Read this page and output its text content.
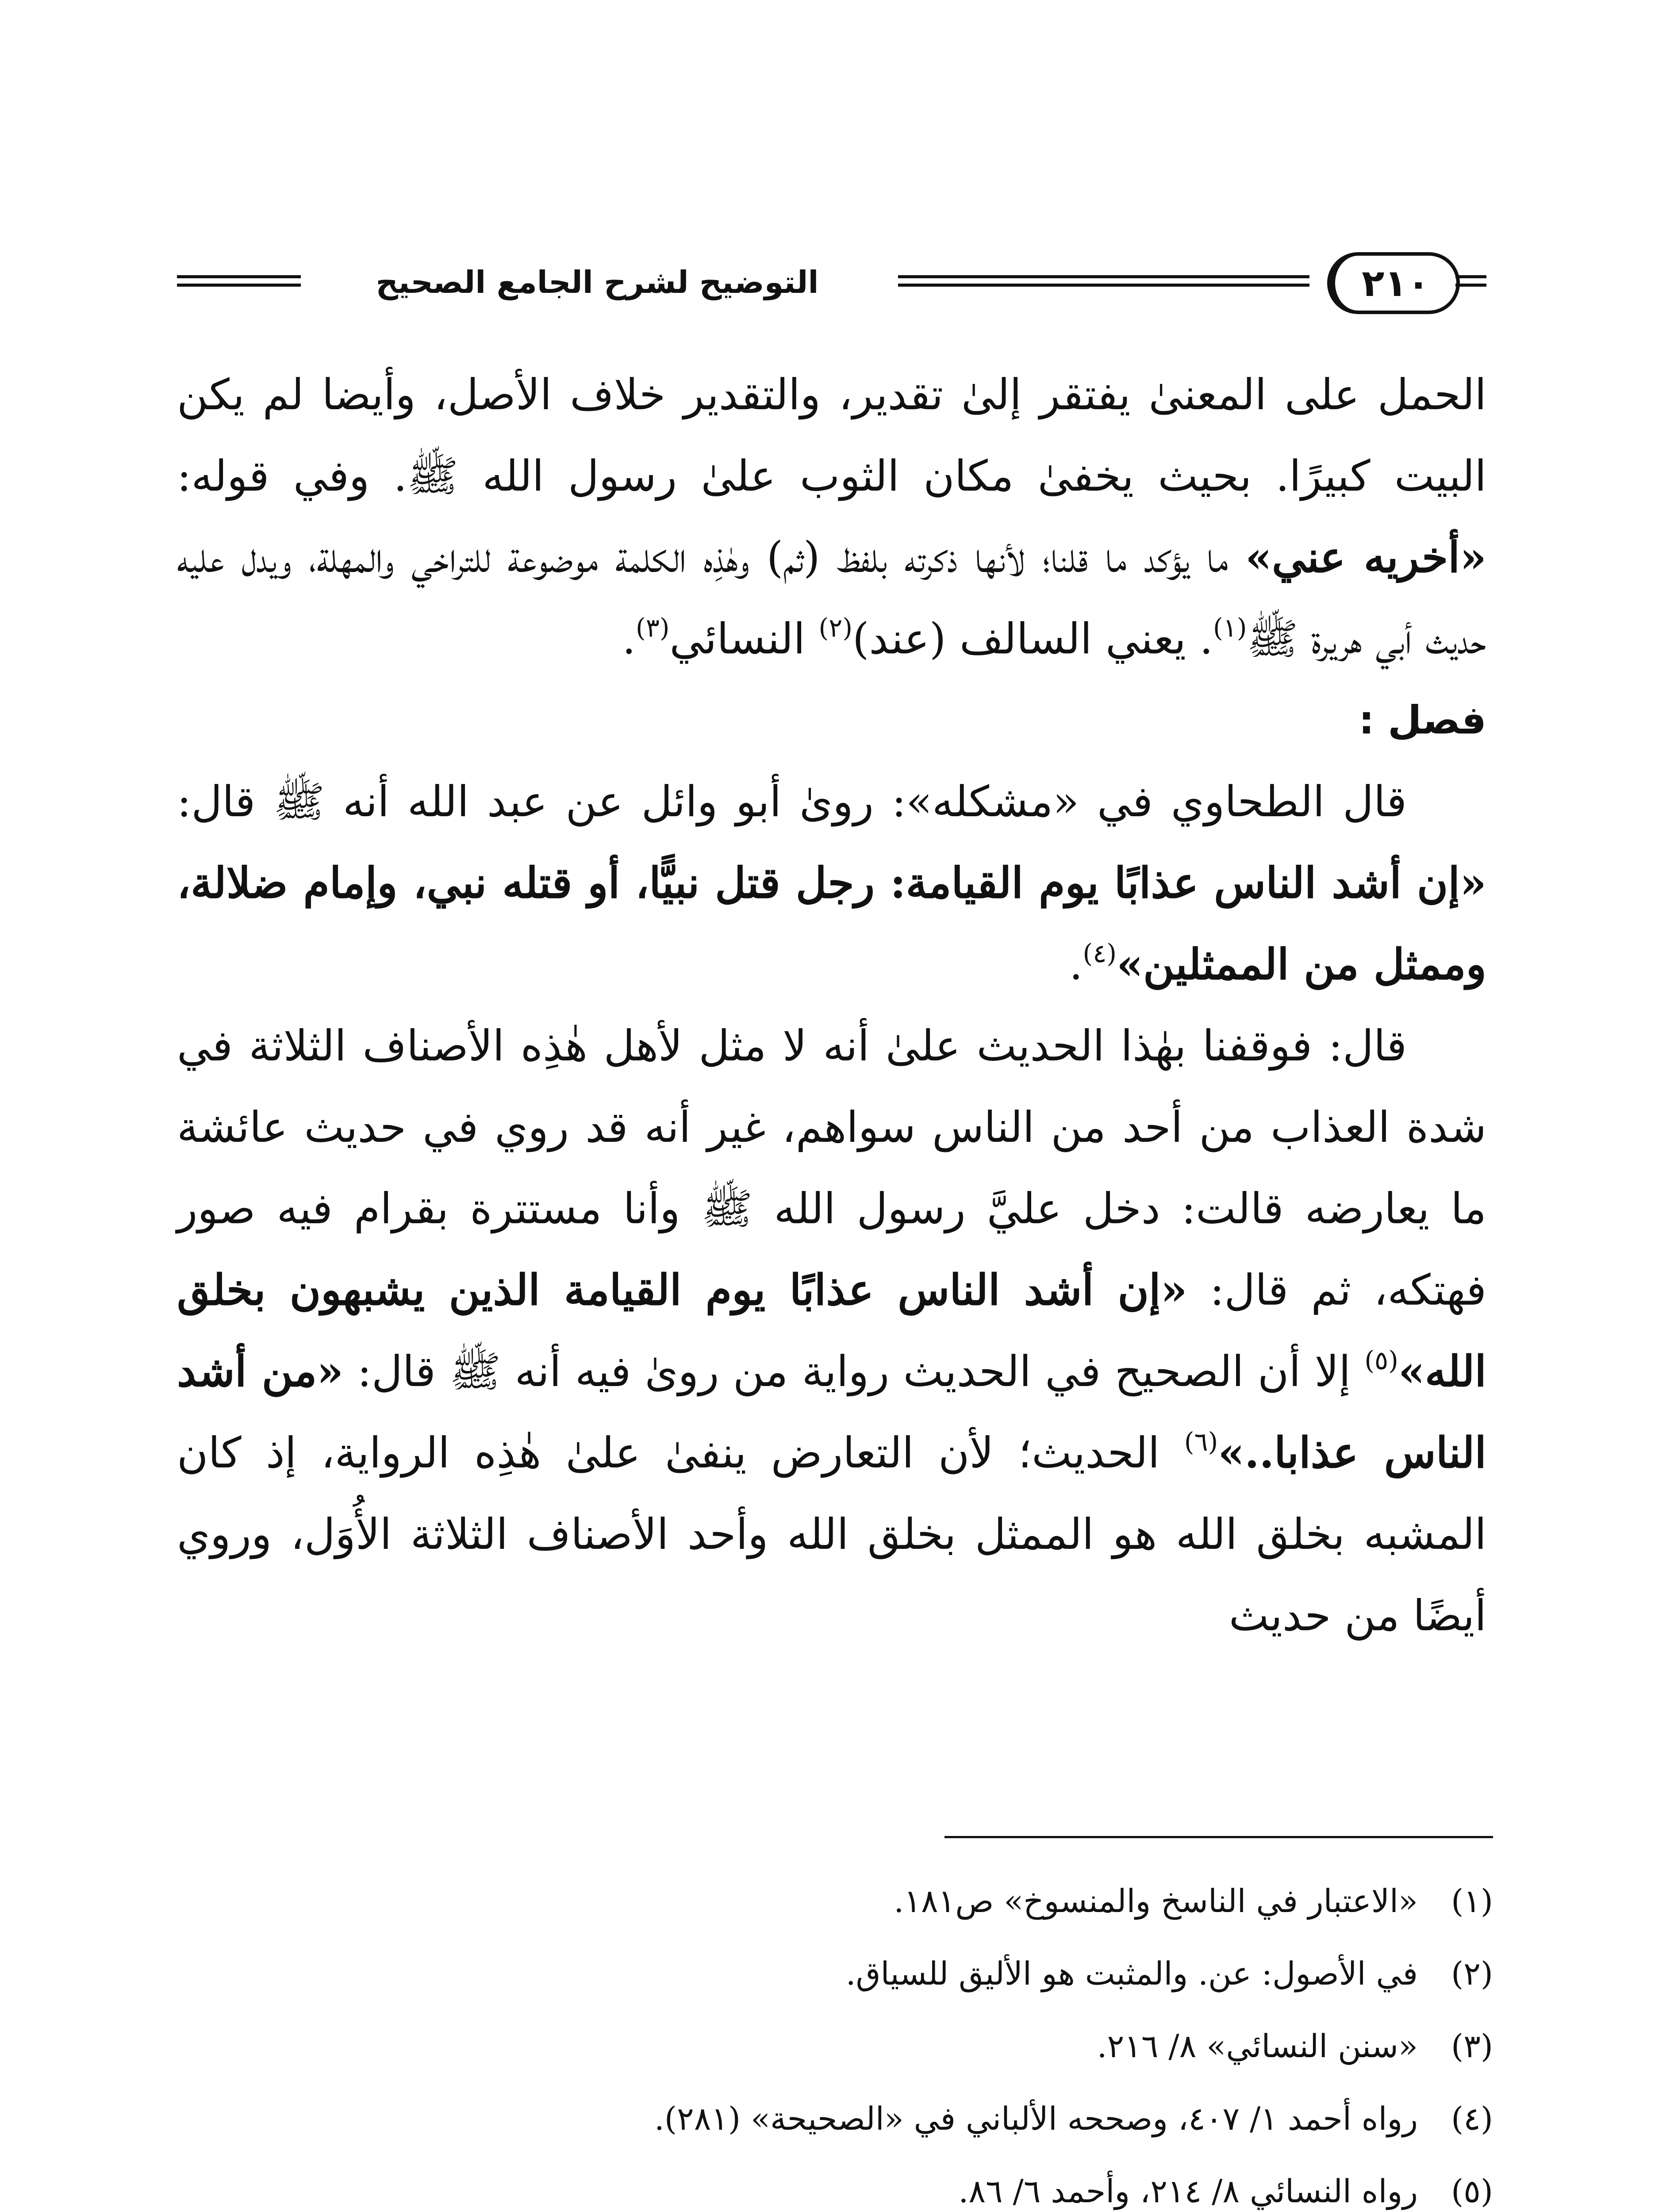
٢١٠
التوضيح لشرح الجامع الصحيح

الحمل على المعنىٰ يفتقر إلىٰ تقدير، والتقدير خلاف الأصل، وأيضا لم يكن البيت كبيرًا. بحيث يخفىٰ مكان الثوب علىٰ رسول الله ﷺ. وفي قوله: «أخريه عني» ما يؤكد ما قلنا؛ لأنها ذكرته بلفظ (ثم) وهٰذِه الكلمة موضوعة للتراخي والمهلة، ويدل عليه حديث أبي هريرة ﷺ$^{(١)}$. يعني السالف (عند)$^{(٢)}$ النسائي$^{(٣)}$.

فصل :

قال الطحاوي في «مشكله»: روىٰ أبو وائل عن عبد الله أنه ﷺ قال: «إن أشد الناس عذابًا يوم القيامة: رجل قتل نبيًّا، أو قتله نبي، وإمام ضلالة، وممثل من الممثلين»$^{(٤)}$.

قال: فوقفنا بهٰذا الحديث علىٰ أنه لا مثل لأهل هٰذِه الأصناف الثلاثة في شدة العذاب من أحد من الناس سواهم، غير أنه قد روي في حديث عائشة ما يعارضه قالت: دخل عليَّ رسول الله ﷺ وأنا مستترة بقرام فيه صور فهتكه، ثم قال: «إن أشد الناس عذابًا يوم القيامة الذين يشبهون بخلق الله»$^{(٥)}$ إلا أن الصحيح في الحديث رواية من روىٰ فيه أنه ﷺ قال: «من أشد الناس عذابا..»$^{(٦)}$ الحديث؛ لأن التعارض ينفىٰ علىٰ هٰذِه الرواية، إذ كان المشبه بخلق الله هو الممثل بخلق الله وأحد الأصناف الثلاثة الأُوَل، وروي أيضًا من حديث

(١)
«الاعتبار في الناسخ والمنسوخ» ص١٨١.
(٢)
في الأصول: عن. والمثبت هو الأليق للسياق.
(٣)
«سنن النسائي» ٨/ ٢١٦.
(٤)
رواه أحمد ١/ ٤٠٧، وصححه الألباني في «الصحيحة» (٢٨١).
(٥)
رواه النسائي ٨/ ٢١٤، وأحمد ٦/ ٨٦.
